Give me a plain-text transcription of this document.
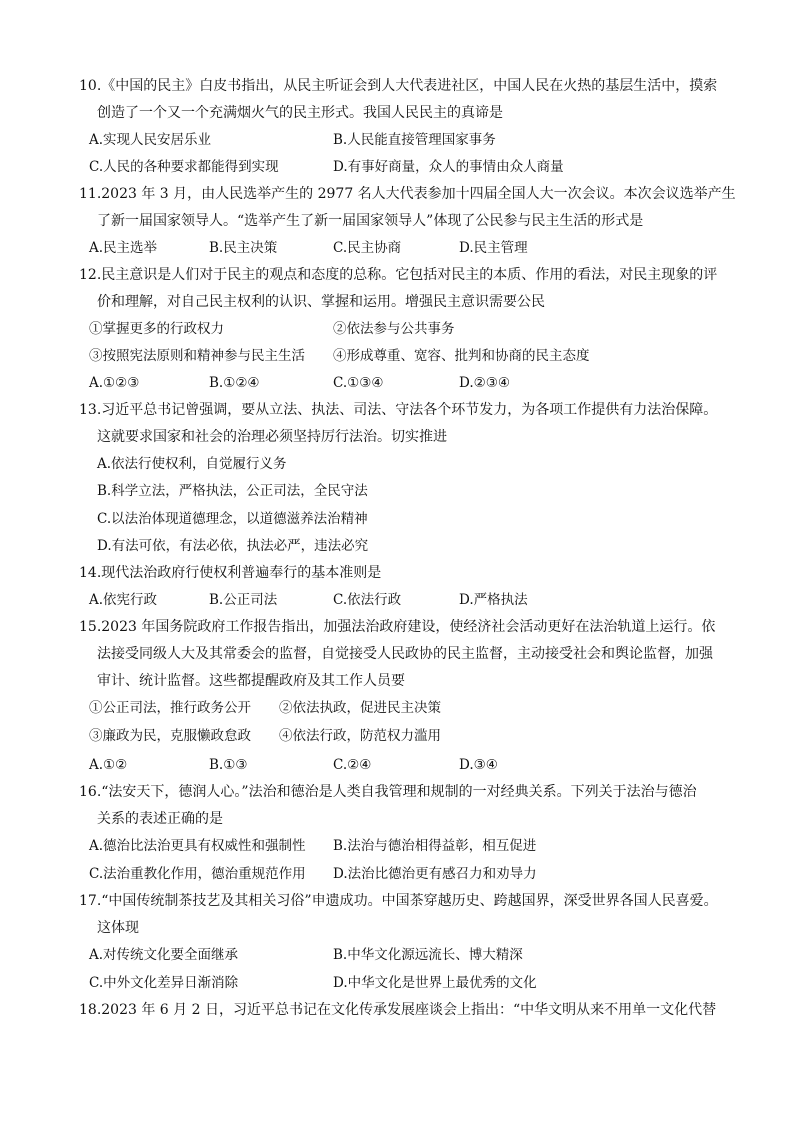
10.《中国的民主》白皮书指出，从民主听证会到人大代表进社区，中国人民在火热的基层生活中，摸索
创造了一个又一个充满烟火气的民主形式。我国人民民主的真谛是
A.实现人民安居乐业	B.人民能直接管理国家事务
C.人民的各种要求都能得到实现	D.有事好商量，众人的事情由众人商量
11.2023 年 3 月，由人民选举产生的 2977 名人大代表参加十四届全国人大一次会议。本次会议选举产生
了新一届国家领导人。“选举产生了新一届国家领导人”体现了公民参与民主生活的形式是
A.民主选举	B.民主决策	C.民主协商	D.民主管理
12.民主意识是人们对于民主的观点和态度的总称。它包括对民主的本质、作用的看法，对民主现象的评
价和理解，对自己民主权利的认识、掌握和运用。增强民主意识需要公民
①掌握更多的行政权力	②依法参与公共事务
③按照宪法原则和精神参与民主生活 ④形成尊重、宽容、批判和协商的民主态度
A.①②③	B.①②④	C.①③④	D.②③④
13.习近平总书记曾强调，要从立法、执法、司法、守法各个环节发力，为各项工作提供有力法治保障。
这就要求国家和社会的治理必须坚持厉行法治。切实推进
A.依法行使权利，自觉履行义务
B.科学立法，严格执法，公正司法，全民守法
C.以法治体现道德理念，以道德滋养法治精神
D.有法可依，有法必依，执法必严，违法必究
14.现代法治政府行使权利普遍奉行的基本准则是
A.依宪行政	B.公正司法	C.依法行政	D.严格执法
15.2023 年国务院政府工作报告指出，加强法治政府建设，使经济社会活动更好在法治轨道上运行。依
法接受同级人大及其常委会的监督，自觉接受人民政协的民主监督，主动接受社会和舆论监督，加强
审计、统计监督。这些都提醒政府及其工作人员要
①公正司法，推行政务公开 ②依法执政，促进民主决策
③廉政为民，克服懒政怠政 ④依法行政，防范权力滥用
A.①②	B.①③	C.②④	D.③④
16.“法安天下，德润人心。”法治和德治是人类自我管理和规制的一对经典关系。下列关于法治与德治
关系的表述正确的是
A.德治比法治更具有权威性和强制性 B.法治与德治相得益彰，相互促进
C.法治重教化作用，德治重规范作用 D.法治比德治更有感召力和劝导力
17.“中国传统制茶技艺及其相关习俗”申遗成功。中国茶穿越历史、跨越国界，深受世界各国人民喜爱。
这体现
A.对传统文化要全面继承	B.中华文化源远流长、博大精深
C.中外文化差异日渐消除	D.中华文化是世界上最优秀的文化
18.2023 年 6 月 2 日，习近平总书记在文化传承发展座谈会上指出：“中华文明从来不用单一文化代替
